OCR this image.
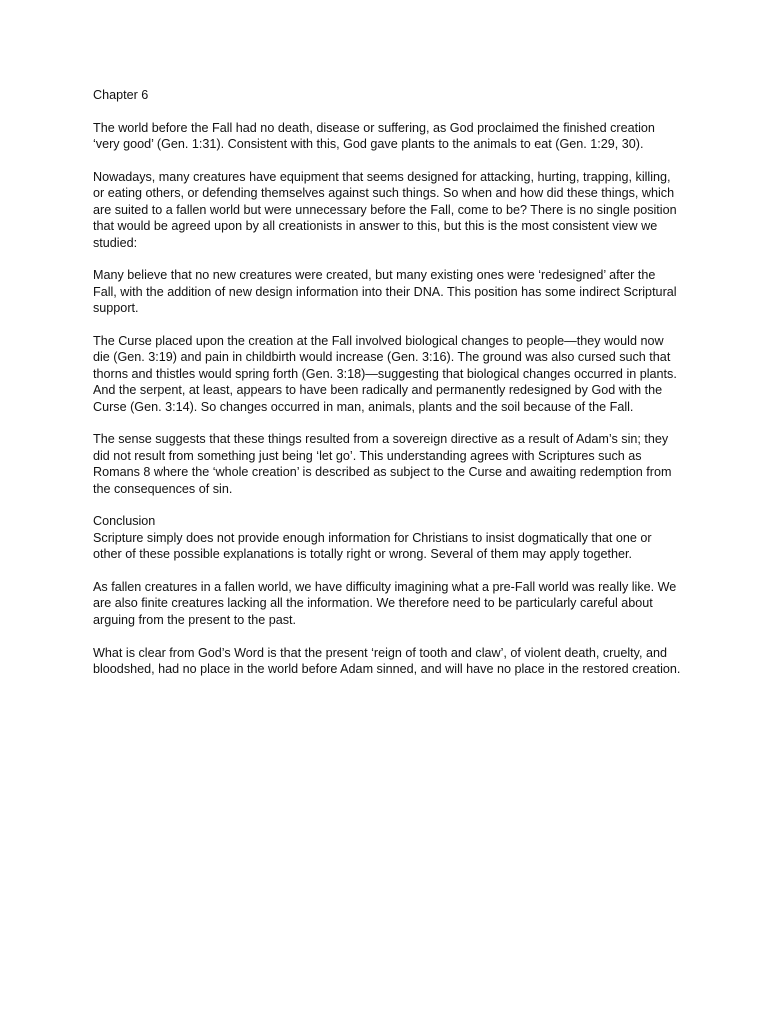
Chapter 6

The world before the Fall had no death, disease or suffering, as God proclaimed the finished creation ‘very good’ (Gen. 1:31). Consistent with this, God gave plants to the animals to eat (Gen. 1:29, 30).

Nowadays, many creatures have equipment that seems designed for attacking, hurting, trapping, killing, or eating others, or defending themselves against such things. So when and how did these things, which are suited to a fallen world but were unnecessary before the Fall, come to be? There is no single position that would be agreed upon by all creationists in answer to this, but this is the most consistent view we studied:

Many believe that no new creatures were created, but many existing ones were ‘redesigned’ after the Fall, with the addition of new design information into their DNA. This position has some indirect Scriptural support.

The Curse placed upon the creation at the Fall involved biological changes to people—they would now die (Gen. 3:19) and pain in childbirth would increase (Gen. 3:16). The ground was also cursed such that thorns and thistles would spring forth (Gen. 3:18)—suggesting that biological changes occurred in plants. And the serpent, at least, appears to have been radically and permanently redesigned by God with the Curse (Gen. 3:14). So changes occurred in man, animals, plants and the soil because of the Fall.

The sense suggests that these things resulted from a sovereign directive as a result of Adam’s sin; they did not result from something just being ‘let go’. This understanding agrees with Scriptures such as Romans 8 where the ‘whole creation’ is described as subject to the Curse and awaiting redemption from the consequences of sin.

Conclusion

Scripture simply does not provide enough information for Christians to insist dogmatically that one or other of these possible explanations is totally right or wrong. Several of them may apply together.

As fallen creatures in a fallen world, we have difficulty imagining what a pre-Fall world was really like. We are also finite creatures lacking all the information. We therefore need to be particularly careful about arguing from the present to the past.

What is clear from God’s Word is that the present ‘reign of tooth and claw’, of violent death, cruelty, and bloodshed, had no place in the world before Adam sinned, and will have no place in the restored creation.
